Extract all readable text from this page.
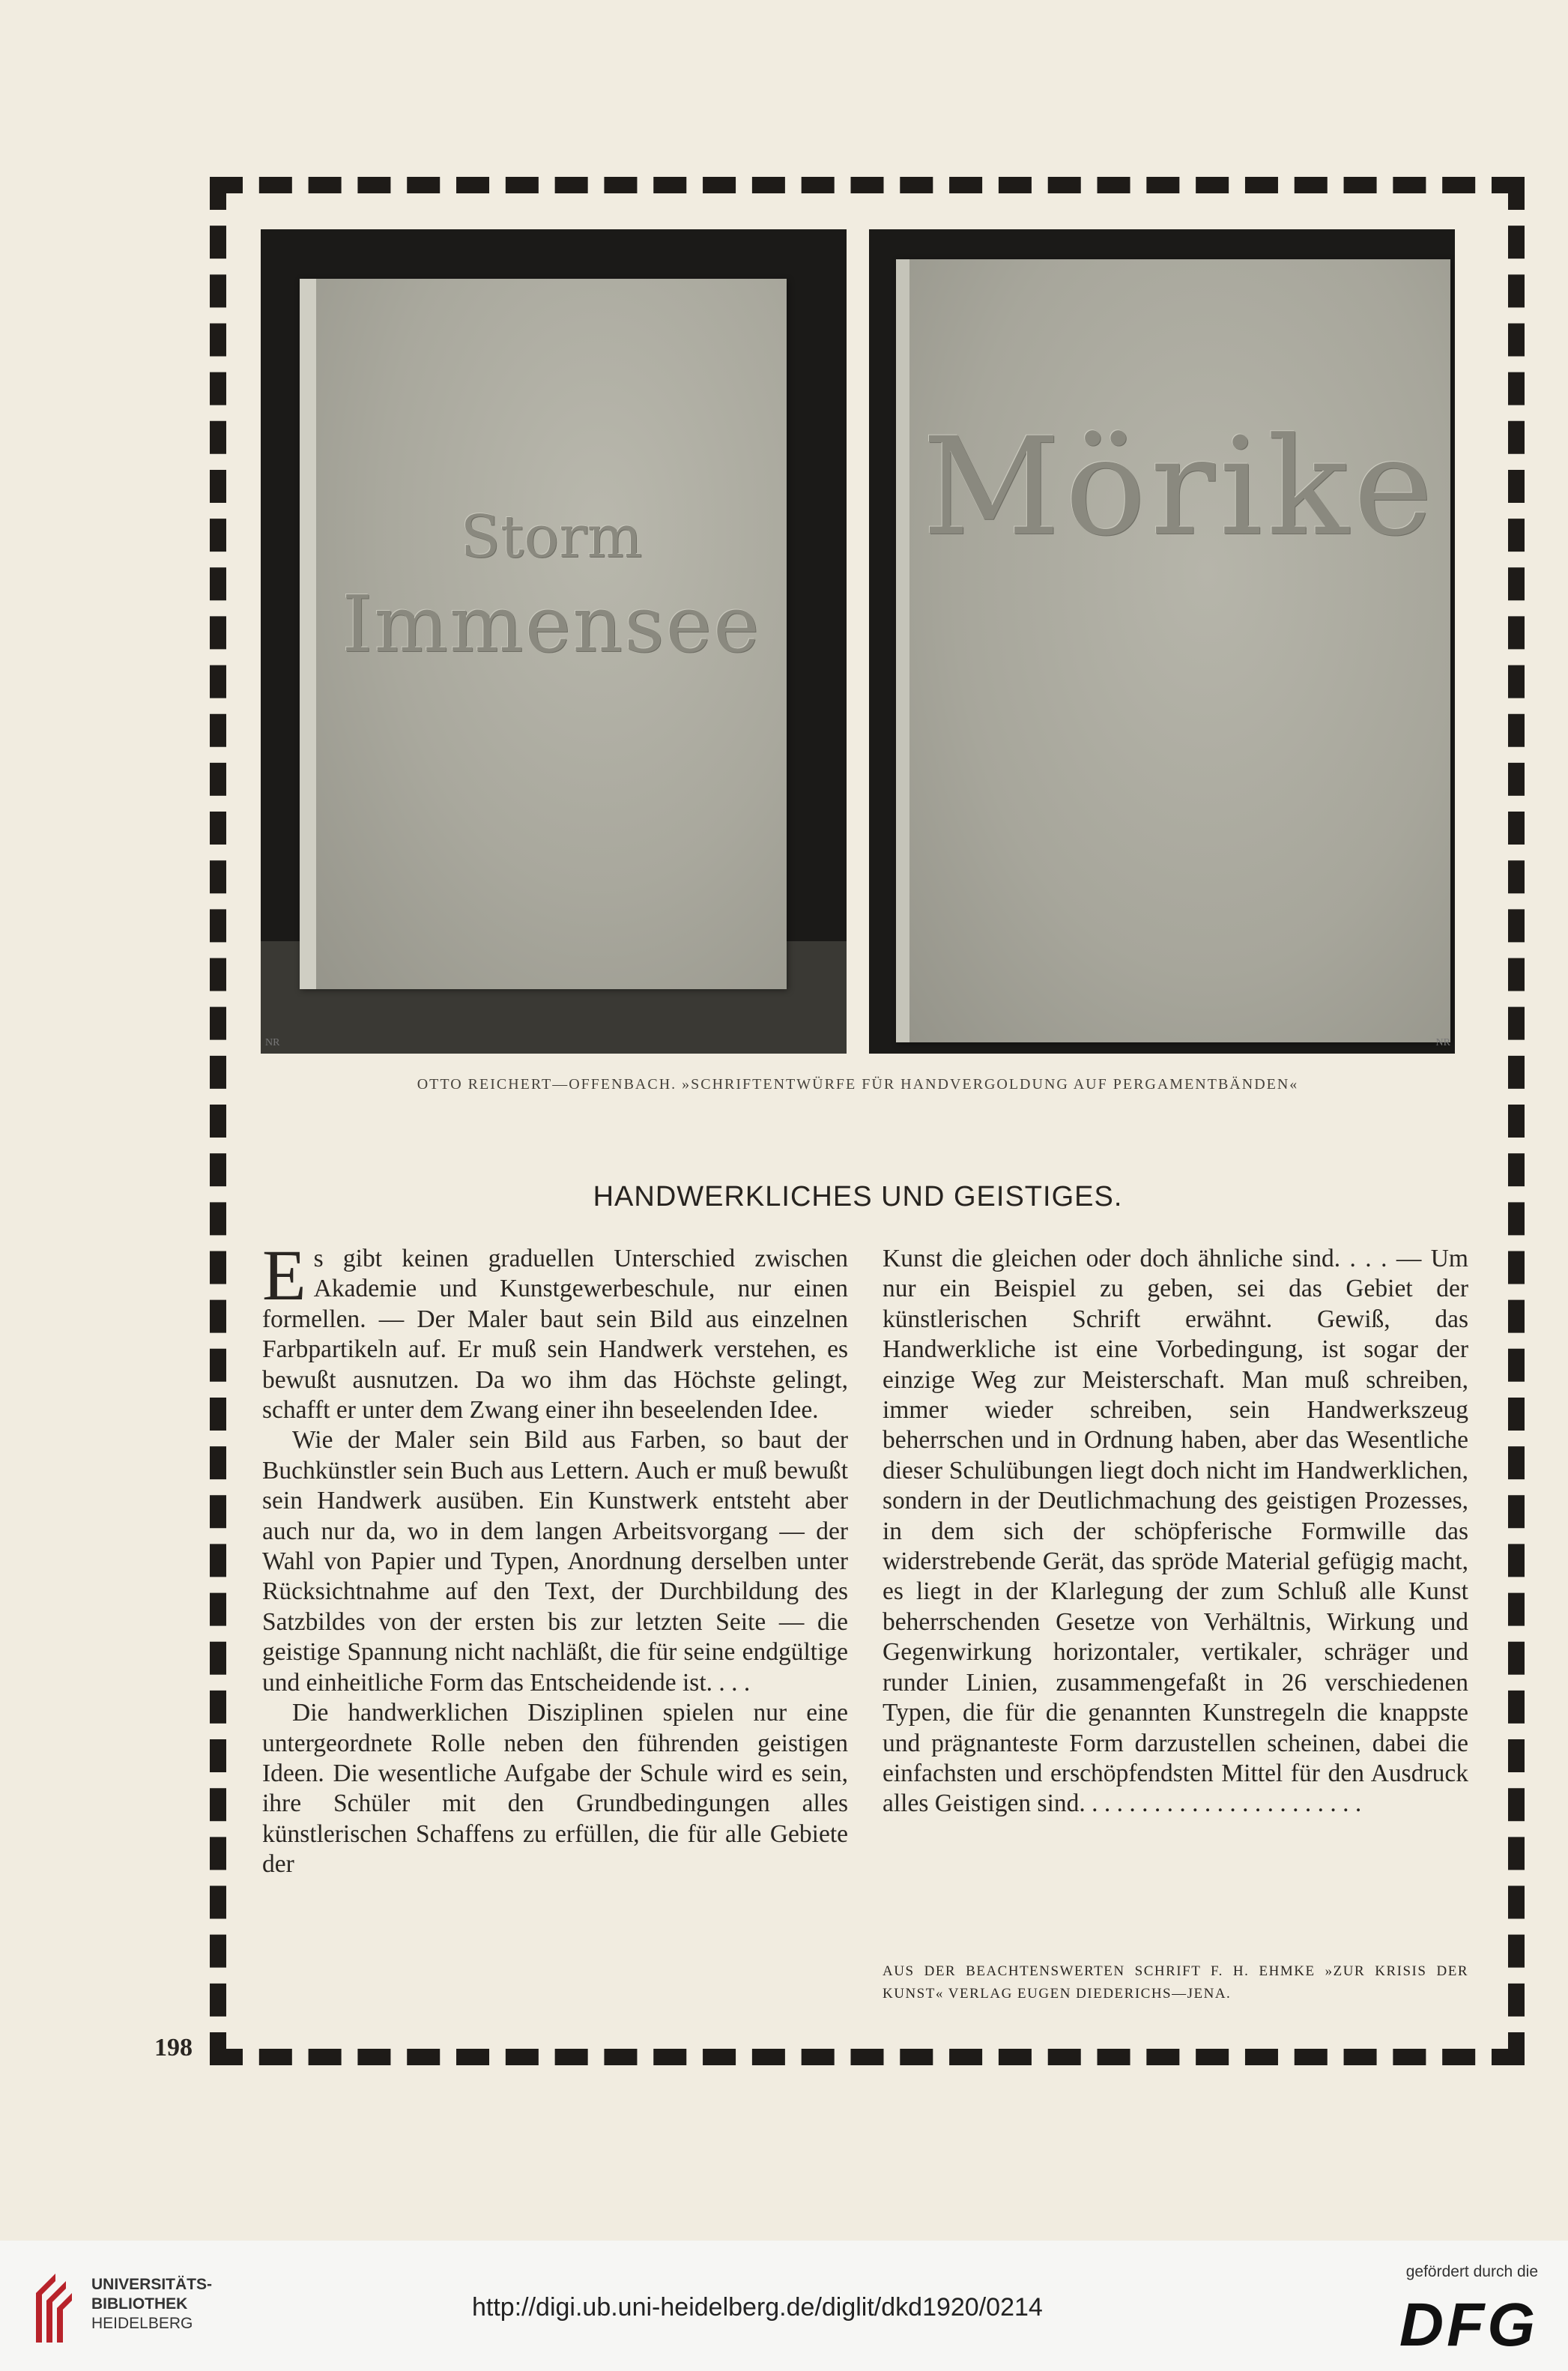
Storm
Immensee
NR
Mörike
NR
OTTO REICHERT—OFFENBACH. »SCHRIFTENTWÜRFE FÜR HANDVERGOLDUNG AUF PERGAMENTBÄNDEN«
HANDWERKLICHES UND GEISTIGES.

Es gibt keinen graduellen Unterschied zwischen Akademie und Kunstgewerbeschule, nur einen formellen. — Der Maler baut sein Bild aus einzelnen Farbpartikeln auf. Er muß sein Handwerk verstehen, es bewußt ausnutzen. Da wo ihm das Höchste gelingt, schafft er unter dem Zwang einer ihn beseelenden Idee.

Wie der Maler sein Bild aus Farben, so baut der Buchkünstler sein Buch aus Lettern. Auch er muß bewußt sein Handwerk ausüben. Ein Kunstwerk entsteht aber auch nur da, wo in dem langen Arbeitsvorgang — der Wahl von Papier und Typen, Anordnung derselben unter Rücksichtnahme auf den Text, der Durchbildung des Satzbildes von der ersten bis zur letzten Seite — die geistige Spannung nicht nachläßt, die für seine endgültige und einheitliche Form das Entscheidende ist. . . .

Die handwerklichen Disziplinen spielen nur eine untergeordnete Rolle neben den führenden geistigen Ideen. Die wesentliche Aufgabe der Schule wird es sein, ihre Schüler mit den Grundbedingungen alles künstlerischen Schaffens zu erfüllen, die für alle Gebiete der

Kunst die gleichen oder doch ähnliche sind. . . . — Um nur ein Beispiel zu geben, sei das Gebiet der künstlerischen Schrift erwähnt. Gewiß, das Handwerkliche ist eine Vorbedingung, ist sogar der einzige Weg zur Meisterschaft. Man muß schreiben, immer wieder schreiben, sein Handwerkszeug beherrschen und in Ordnung haben, aber das Wesentliche dieser Schulübungen liegt doch nicht im Handwerklichen, sondern in der Deutlichmachung des geistigen Prozesses, in dem sich der schöpferische Formwille das widerstrebende Gerät, das spröde Material gefügig macht, es liegt in der Klarlegung der zum Schluß alle Kunst beherrschenden Gesetze von Verhältnis, Wirkung und Gegenwirkung horizontaler, vertikaler, schräger und runder Linien, zusammengefaßt in 26 verschiedenen Typen, die für die genannten Kunstregeln die knappste und prägnanteste Form darzustellen scheinen, dabei die einfachsten und erschöpfendsten Mittel für den Ausdruck alles Geistigen sind. . . . . . . . . . . . . . . . . . . . . . .

AUS DER BEACHTENSWERTEN SCHRIFT F. H. EHMKE »ZUR KRISIS DER KUNST« VERLAG EUGEN DIEDERICHS—JENA.
198
UNIVERSITÄTS-
BIBLIOTHEK
HEIDELBERG
http://digi.ub.uni-heidelberg.de/diglit/dkd1920/0214
gefördert durch die
DFG
